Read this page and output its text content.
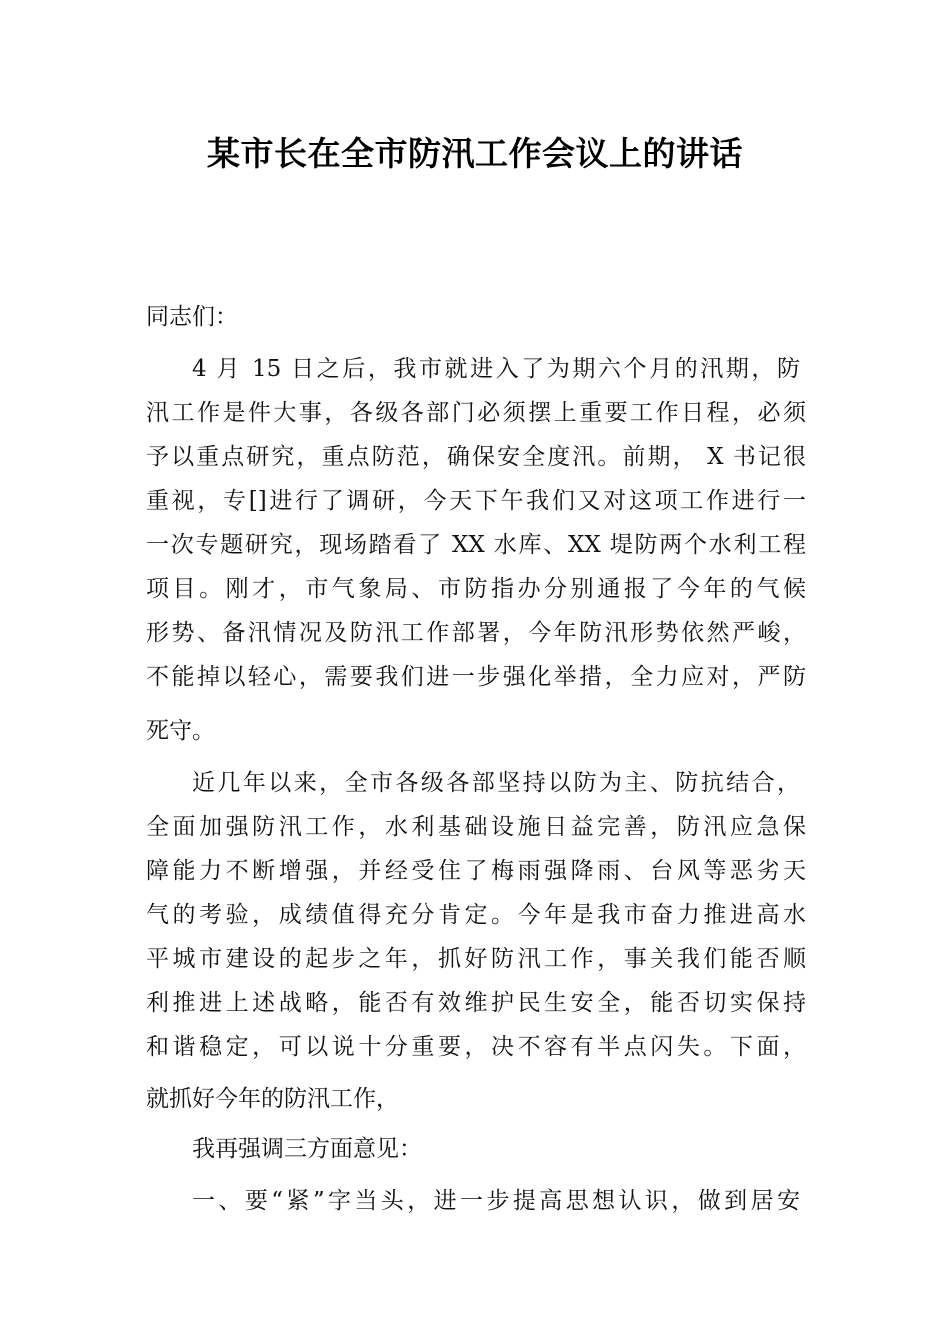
某市长在全市防汛工作会议上的讲话
同志们：
4 月 15 日之后，我市就进入了为期六个月的汛期，防
汛工作是件大事，各级各部门必须摆上重要工作日程，必须
予以重点研究，重点防范，确保安全度汛。前期， X 书记很
重视，专[]进行了调研，今天下午我们又对这项工作进行一
一次专题研究，现场踏看了 XX 水库、XX 堤防两个水利工程
项目。刚才，市气象局、市防指办分别通报了今年的气候
形势、备汛情况及防汛工作部署，今年防汛形势依然严峻，
不能掉以轻心，需要我们进一步强化举措，全力应对，严防
死守。
近几年以来，全市各级各部坚持以防为主、防抗结合，
全面加强防汛工作，水利基础设施日益完善，防汛应急保
障能力不断增强，并经受住了梅雨强降雨、台风等恶劣天
气的考验，成绩值得充分肯定。今年是我市奋力推进高水
平城市建设的起步之年，抓好防汛工作，事关我们能否顺
利推进上述战略，能否有效维护民生安全，能否切实保持
和谐稳定，可以说十分重要，决不容有半点闪失。下面，
就抓好今年的防汛工作，
我再强调三方面意见：
一、要“紧”字当头，进一步提高思想认识，做到居安
